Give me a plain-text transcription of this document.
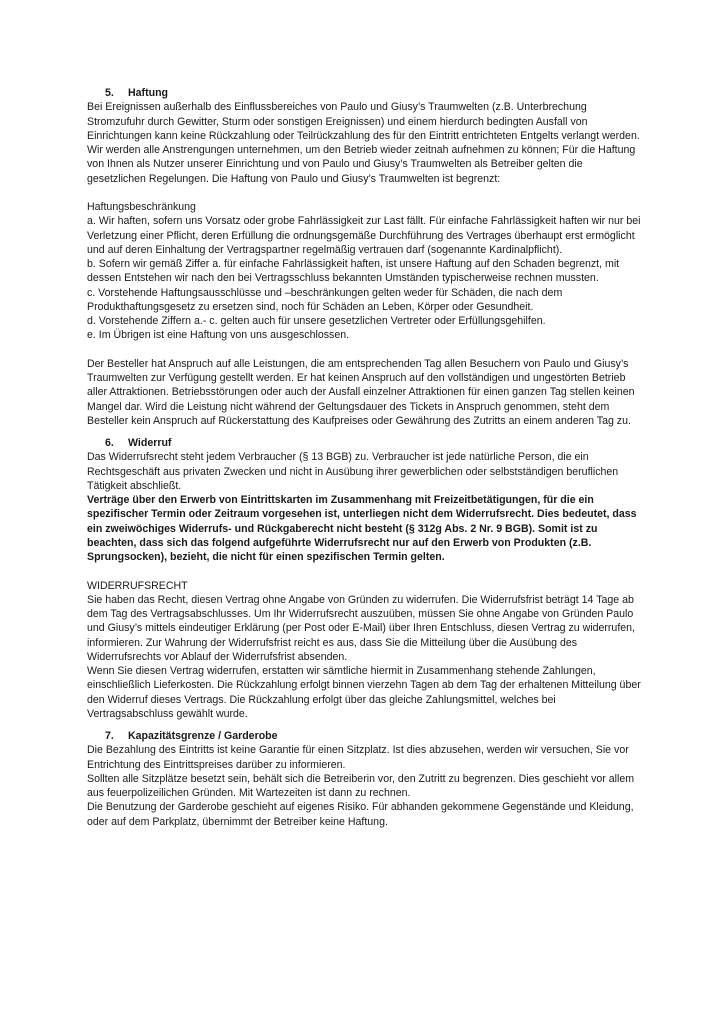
5. Haftung

Bei Ereignissen außerhalb des Einflussbereiches von Paulo und Giusy’s Traumwelten (z.B. Unterbrechung Stromzufuhr durch Gewitter, Sturm oder sonstigen Ereignissen) und einem hierdurch bedingten Ausfall von Einrichtungen kann keine Rückzahlung oder Teilrückzahlung des für den Eintritt entrichteten Entgelts verlangt werden. Wir werden alle Anstrengungen unternehmen, um den Betrieb wieder zeitnah aufnehmen zu können; Für die Haftung von Ihnen als Nutzer unserer Einrichtung und von Paulo und Giusy’s Traumwelten als Betreiber gelten die gesetzlichen Regelungen. Die Haftung von Paulo und Giusy’s Traumwelten ist begrenzt:

Haftungsbeschränkung

a. Wir haften, sofern uns Vorsatz oder grobe Fahrlässigkeit zur Last fällt. Für einfache Fahrlässigkeit haften wir nur bei Verletzung einer Pflicht, deren Erfüllung die ordnungsgemäße Durchführung des Vertrages überhaupt erst ermöglicht und auf deren Einhaltung der Vertragspartner regelmäßig vertrauen darf (sogenannte Kardinalpflicht).

b. Sofern wir gemäß Ziffer a. für einfache Fahrlässigkeit haften, ist unsere Haftung auf den Schaden begrenzt, mit dessen Entstehen wir nach den bei Vertragsschluss bekannten Umständen typischerweise rechnen mussten.

c. Vorstehende Haftungsausschlüsse und –beschränkungen gelten weder für Schäden, die nach dem Produkthaftungsgesetz zu ersetzen sind, noch für Schäden an Leben, Körper oder Gesundheit.

d. Vorstehende Ziffern a.- c. gelten auch für unsere gesetzlichen Vertreter oder Erfüllungsgehilfen.

e. Im Übrigen ist eine Haftung von uns ausgeschlossen.

Der Besteller hat Anspruch auf alle Leistungen, die am entsprechenden Tag allen Besuchern von Paulo und Giusy’s Traumwelten zur Verfügung gestellt werden. Er hat keinen Anspruch auf den vollständigen und ungestörten Betrieb aller Attraktionen. Betriebsstörungen oder auch der Ausfall einzelner Attraktionen für einen ganzen Tag stellen keinen Mangel dar. Wird die Leistung nicht während der Geltungsdauer des Tickets in Anspruch genommen, steht dem Besteller kein Anspruch auf Rückerstattung des Kaufpreises oder Gewährung des Zutritts an einem anderen Tag zu.

6. Widerruf

Das Widerrufsrecht steht jedem Verbraucher (§ 13 BGB) zu. Verbraucher ist jede natürliche Person, die ein Rechtsgeschäft aus privaten Zwecken und nicht in Ausübung ihrer gewerblichen oder selbstständigen beruflichen Tätigkeit abschließt.

Verträge über den Erwerb von Eintrittskarten im Zusammenhang mit Freizeitbetätigungen, für die ein spezifischer Termin oder Zeitraum vorgesehen ist, unterliegen nicht dem Widerrufsrecht. Dies bedeutet, dass ein zweiwöchiges Widerrufs- und Rückgaberecht nicht besteht (§ 312g Abs. 2 Nr. 9 BGB). Somit ist zu beachten, dass sich das folgend aufgeführte Widerrufsrecht nur auf den Erwerb von Produkten (z.B. Sprungsocken), bezieht, die nicht für einen spezifischen Termin gelten.

WIDERRUFSRECHT

Sie haben das Recht, diesen Vertrag ohne Angabe von Gründen zu widerrufen. Die Widerrufsfrist beträgt 14 Tage ab dem Tag des Vertragsabschlusses. Um Ihr Widerrufsrecht auszuüben, müssen Sie ohne Angabe von Gründen Paulo und Giusy’s mittels eindeutiger Erklärung (per Post oder E-Mail) über Ihren Entschluss, diesen Vertrag zu widerrufen, informieren. Zur Wahrung der Widerrufsfrist reicht es aus, dass Sie die Mitteilung über die Ausübung des Widerrufsrechts vor Ablauf der Widerrufsfrist absenden.

Wenn Sie diesen Vertrag widerrufen, erstatten wir sämtliche hiermit in Zusammenhang stehende Zahlungen, einschließlich Lieferkosten. Die Rückzahlung erfolgt binnen vierzehn Tagen ab dem Tag der erhaltenen Mitteilung über den Widerruf dieses Vertrags. Die Rückzahlung erfolgt über das gleiche Zahlungsmittel, welches bei Vertragsabschluss gewählt wurde.

7. Kapazitätsgrenze / Garderobe

Die Bezahlung des Eintritts ist keine Garantie für einen Sitzplatz. Ist dies abzusehen, werden wir versuchen, Sie vor Entrichtung des Eintrittspreises darüber zu informieren.

Sollten alle Sitzplätze besetzt sein, behält sich die Betreiberin vor, den Zutritt zu begrenzen. Dies geschieht vor allem aus feuerpolizeilichen Gründen. Mit Wartezeiten ist dann zu rechnen.

Die Benutzung der Garderobe geschieht auf eigenes Risiko. Für abhanden gekommene Gegenstände und Kleidung, oder auf dem Parkplatz, übernimmt der Betreiber keine Haftung.
